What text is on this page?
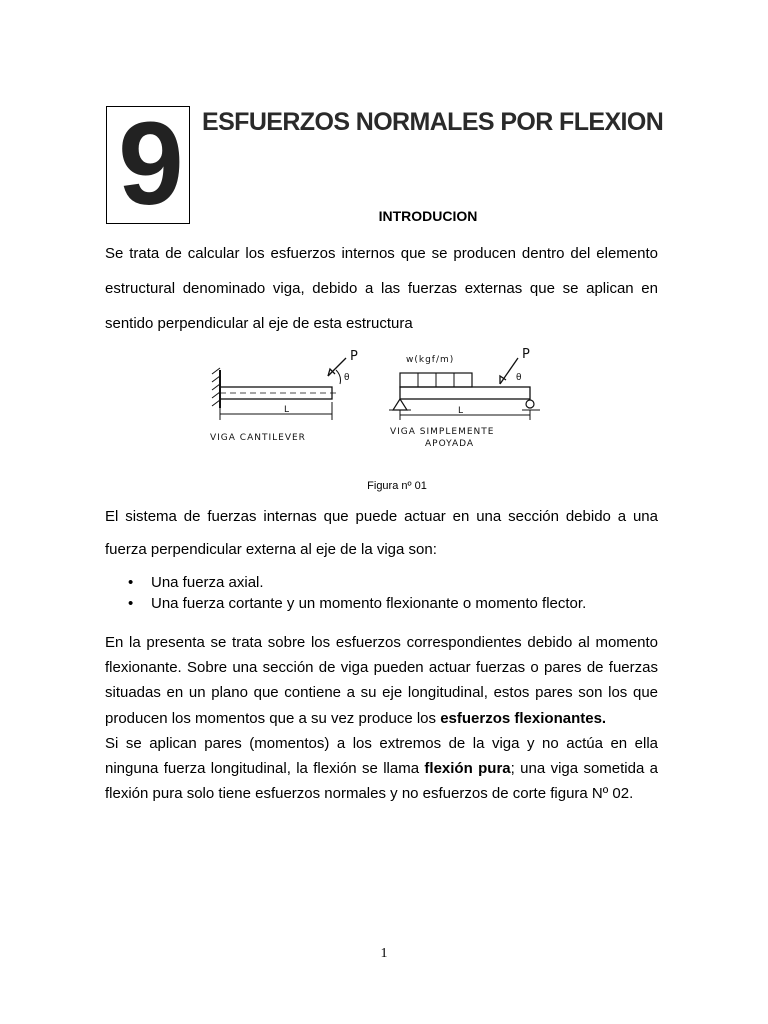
9 ESFUERZOS NORMALES POR FLEXION
INTRODUCION
Se trata de calcular los esfuerzos internos que se producen dentro del elemento estructural denominado viga, debido a las fuerzas externas que se aplican en sentido perpendicular al eje de esta estructura
P
θ
L
VIGA CANTILEVER
w(kgf/m)	P
θ
L
VIGA SIMPLEMENTE
APOYADA
Figura nº 01
El sistema de fuerzas internas que puede actuar en una sección debido a una fuerza perpendicular externa al eje de la viga son:
• Una fuerza axial.
• Una fuerza cortante y un momento flexionante o momento flector.
En la presenta se trata sobre los esfuerzos correspondientes debido al momento flexionante. Sobre una sección de viga pueden actuar fuerzas o pares de fuerzas situadas en un plano que contiene a su eje longitudinal, estos pares son los que producen los momentos que a su vez produce los esfuerzos flexionantes.
Si se aplican pares (momentos) a los extremos de la viga y no actúa en ella ninguna fuerza longitudinal, la flexión se llama flexión pura; una viga sometida a flexión pura solo tiene esfuerzos normales y no esfuerzos de corte figura Nº 02.
1
